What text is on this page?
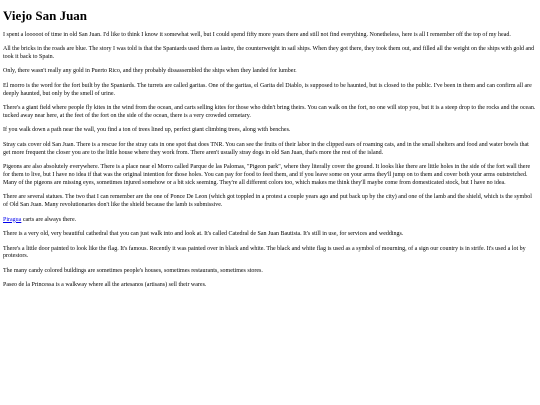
Viejo San Juan

I spent a looooot of time in old San Juan. I'd like to think I know it somewhat well, but I could spend fifty more years there and still not find everything. Nonetheless, here is all I remember off the top of my head.

All the bricks in the roads are blue. The story I was told is that the Spaniards used them as lastre, the counterweight in sail ships. When they got there, they took them out, and filled all the weight on the ships with gold and took it back to Spain.

Only, there wasn't really any gold in Puerto Rico, and they probably dissassembled the ships when they landed for lumber.

El morro is the word for the fort built by the Spaniards. The turrets are called garitas. One of the garitas, el Garita del Diablo, is supposed to be haunted, but is closed to the public. I've been in them and can confirm all are deeply haunted, but only by the smell of urine.

There's a giant field where people fly kites in the wind from the ocean, and carts selling kites for those who didn't bring theirs. You can walk on the fort, no one will stop you, but it is a steep drop to the rocks and the ocean. tucked away near here, at the feet of the fort on the side of the ocean, there is a very crowded cemetary.

If you walk down a path near the wall, you find a ton of trees lined up, perfect giant climbing trees, along with benches.

Stray cats cover old San Juan. There is a rescue for the stray cats in one spot that does TNR. You can see the fruits of their labor in the clipped ears of roaming cats, and in the small shelters and food and water bowls that get more frequent the closer you are to the little house where they work from. There aren't usually stray dogs in old San Juan, that's more the rest of the island.

Pigeons are also absolutely everywhere. There is a place near el Morro called Parque de las Palomas, "Pigeon park", where they literally cover the ground. It looks like there are little holes in the side of the fort wall there for them to live, but I have no idea if that was the original intention for those holes. You can pay for food to feed them, and if you leave some on your arms they'll jump on to them and cover both your arms outstretched. Many of the pigeons are missing eyes, sometimes injured somehow or a bit sick seeming. They're all different colors too, which makes me think they'll maybe come from domesticated stock, but I have no idea.

There are several statues. The two that I can remember are the one of Ponce De Leon (which got toppled in a protest a couple years ago and put back up by the city) and one of the lamb and the shield, which is the symbol of Old San Juan. Many revolutionaries don't like the shield because the lamb is submissive.

Piragua carts are always there.

There is a very old, very beautiful cathedral that you can just walk into and look at. It's called Catedral de San Juan Bautista. It's still in use, for services and weddings.

There's a little door painted to look like the flag. It's famous. Recently it was painted over in black and white. The black and white flag is used as a symbol of mourning, of a sign our country is in strife. It's used a lot by protestors.

The many candy colored buildings are sometimes people's houses, sometimes restaurants, sometimes stores.

Paseo de la Princessa is a walkway where all the artesanos (artisans) sell their wares.
